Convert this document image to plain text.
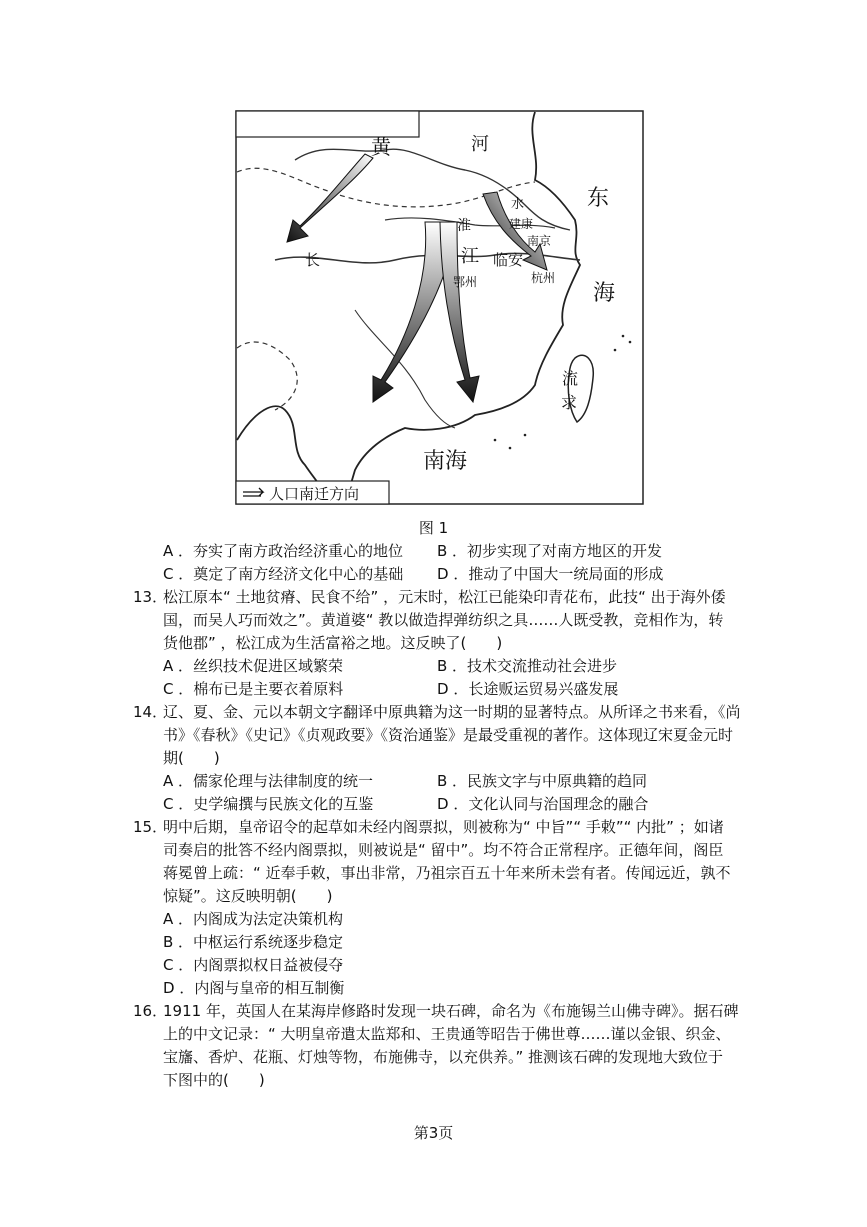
黄	河
东
海
水
建康
南京
淮
江 临安
鄂州	杭州
长
流
求
南海
人口南迁方向
图 1
A ．夯实了南方政治经济重心的地位 B ．初步实现了对南方地区的开发
C ．奠定了南方经济文化中心的基础 D ．推动了中国大一统局面的形成
13．
松江原本“ 土地贫瘠、民食不给” ，元末时，松江已能染印青花布，此技“ 出于海外倭
国，而吴人巧而效之”。黄道婆“ 教以做造捍弹纺织之具……人既受教，竞相作为，转
货他郡” ，松江成为生活富裕之地。这反映了(　　)
A ．丝织技术促进区域繁荣	B ．技术交流推动社会进步
C ．棉布已是主要衣着原料	D ．长途贩运贸易兴盛发展
14．
辽、夏、金、元以本朝文字翻译中原典籍为这一时期的显著特点。从所译之书来看，《尚
书》《春秋》《史记》《贞观政要》《资治通鉴》是最受重视的著作。这体现辽宋夏金元时
期(　　)
A ．儒家伦理与法律制度的统一	B ．民族文字与中原典籍的趋同
C ．史学编撰与民族文化的互鉴	D ．文化认同与治国理念的融合
15．
明中后期，皇帝诏令的起草如未经内阁票拟，则被称为“ 中旨”“ 手敕”“ 内批” ；如诸
司奏启的批答不经内阁票拟，则被说是“ 留中”。均不符合正常程序。正德年间，阁臣
蒋冕曾上疏：“ 近奉手敕，事出非常，乃祖宗百五十年来所未尝有者。传闻远近，孰不
惊疑”。这反映明朝(　　)
A ．内阁成为法定决策机构
B ．中枢运行系统逐步稳定
C ．内阁票拟权日益被侵夺
D ．内阁与皇帝的相互制衡
16．
1911 年，英国人在某海岸修路时发现一块石碑，命名为《布施锡兰山佛寺碑》。据石碑
上的中文记录：“ 大明皇帝遣太监郑和、王贵通等昭告于佛世尊……谨以金银、织金、
宝旛、香炉、花瓶、灯烛等物，布施佛寺，以充供养。” 推测该石碑的发现地大致位于
下图中的(　　)
第3页
